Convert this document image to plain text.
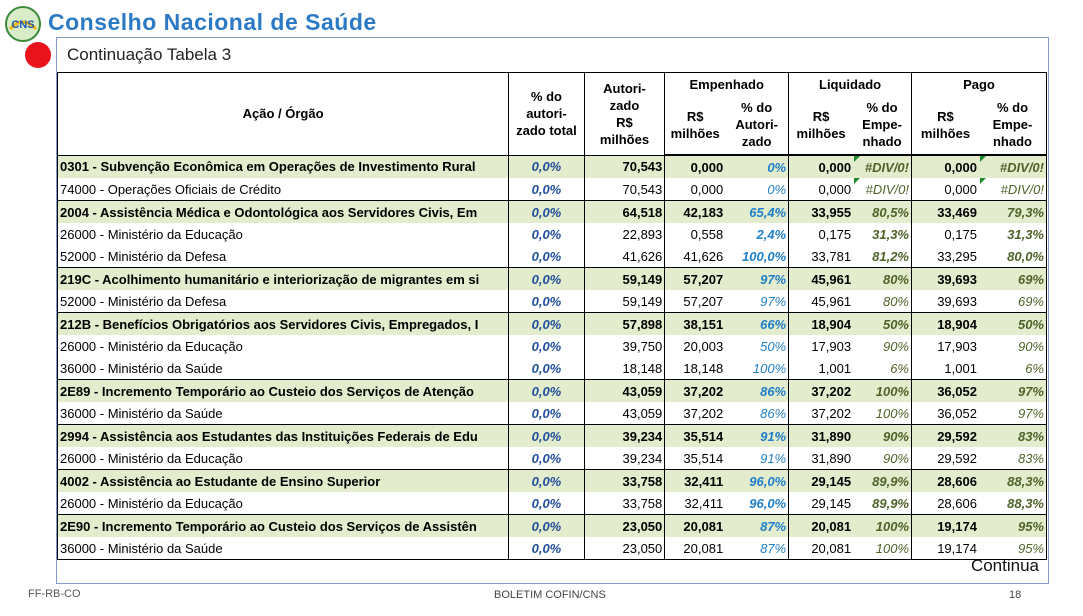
CNS Conselho Nacional de Saúde
Continuação Tabela 3
Ação / Órgão	% do
autori-
zado total	Autori-
zado
R$
milhões	Empenhado		Liquidado		Pago	
			R$
milhões	% do
Autori-
zado	R$
milhões	% do
Empe-
nhado	R$
milhões	% do
Empe-
nhado
0301 - Subvenção Econômica em Operações de Investimento Rural	0,0%	70,543	0,000	0%	0,000	#DIV/0!	0,000	#DIV/0!

74000 - Operações Oficiais de Crédito	0,0%	70,543	0,000	0%	0,000	#DIV/0!	0,000	#DIV/0!

2004 - Assistência Médica e Odontológica aos Servidores Civis, Em	0,0%	64,518	42,183	65,4%	33,955	80,5%	33,469	79,3%
26000 - Ministério da Educação	0,0%	22,893	0,558	2,4%	0,175	31,3%	0,175	31,3%
52000 - Ministério da Defesa	0,0%	41,626	41,626	100,0%	33,781	81,2%	33,295	80,0%
219C - Acolhimento humanitário e interiorização de migrantes em si	0,0%	59,149	57,207	97%	45,961	80%	39,693	69%
52000 - Ministério da Defesa	0,0%	59,149	57,207	97%	45,961	80%	39,693	69%
212B - Benefícios Obrigatórios aos Servidores Civis, Empregados, I	0,0%	57,898	38,151	66%	18,904	50%	18,904	50%
26000 - Ministério da Educação	0,0%	39,750	20,003	50%	17,903	90%	17,903	90%
36000 - Ministério da Saúde	0,0%	18,148	18,148	100%	1,001	6%	1,001	6%
2E89 - Incremento Temporário ao Custeio dos Serviços de Atenção	0,0%	43,059	37,202	86%	37,202	100%	36,052	97%
36000 - Ministério da Saúde	0,0%	43,059	37,202	86%	37,202	100%	36,052	97%
2994 - Assistência aos Estudantes das Instituições Federais de Edu	0,0%	39,234	35,514	91%	31,890	90%	29,592	83%
26000 - Ministério da Educação	0,0%	39,234	35,514	91%	31,890	90%	29,592	83%
4002 - Assistência ao Estudante de Ensino Superior	0,0%	33,758	32,411	96,0%	29,145	89,9%	28,606	88,3%
26000 - Ministério da Educação	0,0%	33,758	32,411	96,0%	29,145	89,9%	28,606	88,3%
2E90 - Incremento Temporário ao Custeio dos Serviços de Assistên	0,0%	23,050	20,081	87%	20,081	100%	19,174	95%
36000 - Ministério da Saúde	0,0%	23,050	20,081	87%	20,081	100%	19,174	95%
Continua
FF-RB-CO	BOLETIM COFIN/CNS	18
